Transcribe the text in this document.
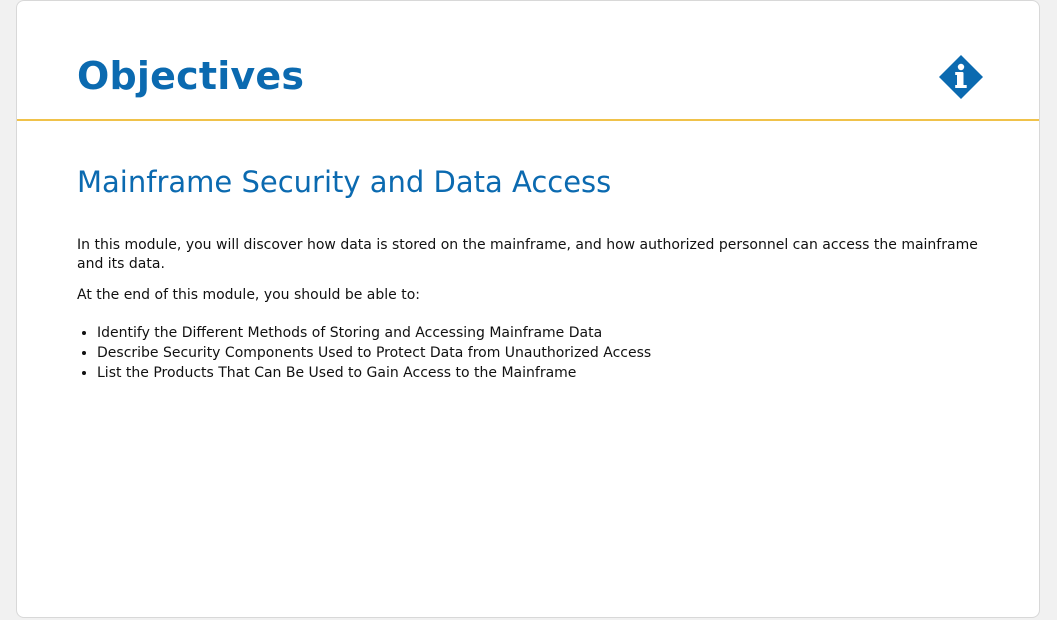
Objectives
Mainframe Security and Data Access

In this module, you will discover how data is stored on the mainframe, and how authorized personnel can access the mainframe and its data.

At the end of this module, you should be able to:

• Identify the Different Methods of Storing and Accessing Mainframe Data
• Describe Security Components Used to Protect Data from Unauthorized Access
• List the Products That Can Be Used to Gain Access to the Mainframe
